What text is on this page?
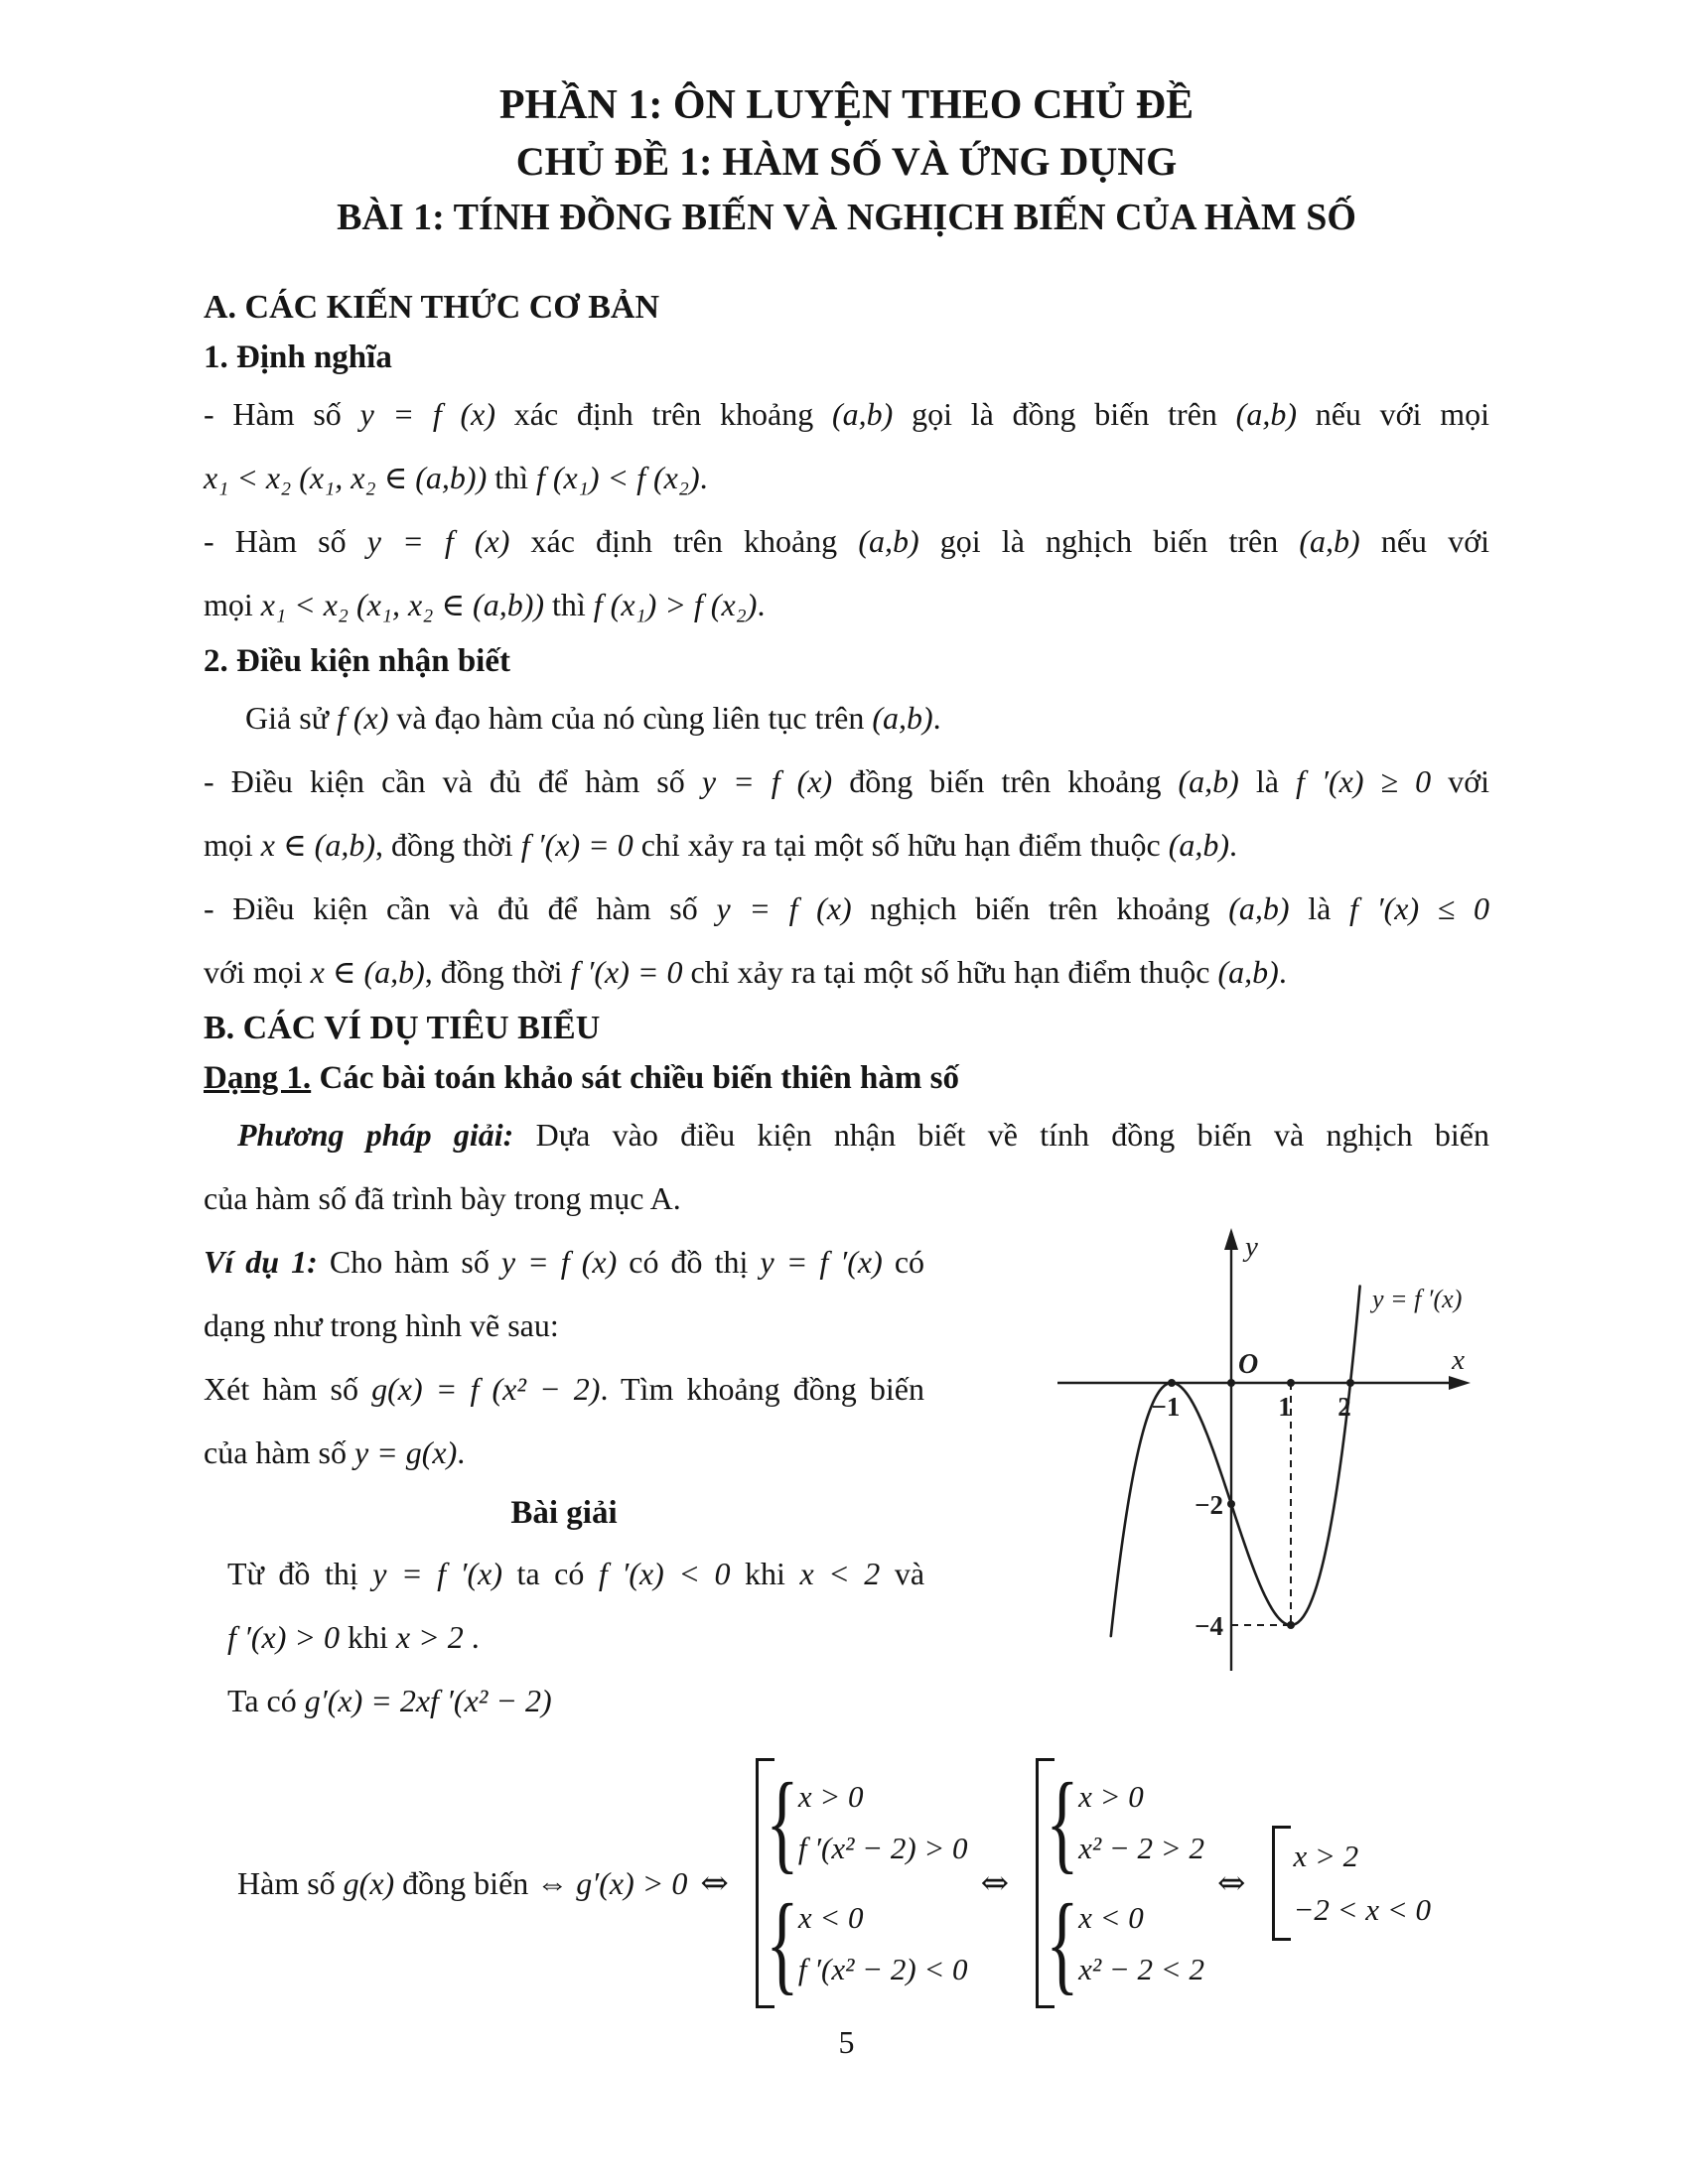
PHẦN 1: ÔN LUYỆN THEO CHỦ ĐỀ
CHỦ ĐỀ 1: HÀM SỐ VÀ ỨNG DỤNG
BÀI 1: TÍNH ĐỒNG BIẾN VÀ NGHỊCH BIẾN CỦA HÀM SỐ
A. CÁC KIẾN THỨC CƠ BẢN
1. Định nghĩa
- Hàm số y = f (x) xác định trên khoảng (a,b) gọi là đồng biến trên (a,b) nếu với mọi
x₁ < x₂ (x₁, x₂ ∈ (a,b)) thì f (x₁) < f (x₂).
- Hàm số y = f (x) xác định trên khoảng (a,b) gọi là nghịch biến trên (a,b) nếu với
mọi x₁ < x₂ (x₁, x₂ ∈ (a,b)) thì f (x₁) > f (x₂).
2. Điều kiện nhận biết
Giả sử f (x) và đạo hàm của nó cùng liên tục trên (a,b).
- Điều kiện cần và đủ để hàm số y = f (x) đồng biến trên khoảng (a,b) là f ′(x) ≥ 0 với
mọi x ∈ (a,b), đồng thời f ′(x) = 0 chỉ xảy ra tại một số hữu hạn điểm thuộc (a,b).
- Điều kiện cần và đủ để hàm số y = f (x) nghịch biến trên khoảng (a,b) là f ′(x) ≤ 0
với mọi x ∈ (a,b), đồng thời f ′(x) = 0 chỉ xảy ra tại một số hữu hạn điểm thuộc (a,b).
B. CÁC VÍ DỤ TIÊU BIỂU
Dạng 1. Các bài toán khảo sát chiều biến thiên hàm số
Phương pháp giải: Dựa vào điều kiện nhận biết về tính đồng biến và nghịch biến
của hàm số đã trình bày trong mục A.
Ví dụ 1: Cho hàm số y = f (x) có đồ thị y = f ′(x) có
dạng như trong hình vẽ sau:
Xét hàm số g(x) = f (x² − 2). Tìm khoảng đồng biến
của hàm số y = g(x).
Bài giải
Từ đồ thị y = f ′(x) ta có f ′(x) < 0 khi x < 2 và
f ′(x) > 0 khi x > 2 .
Ta có g′(x) = 2xf ′(x² − 2)
Hàm số g(x) đồng biến ⇔ g′(x) > 0 ⇔
{
x > 0
f ′(x² − 2) > 0
{
x < 0
f ′(x² − 2) < 0
⇔
{
x > 0
x² − 2 > 2
{
x < 0
x² − 2 < 2
⇔
x > 2
−2 < x < 0
5
y
x
O
−1	1 2
−2
−4
y = f ′(x)
